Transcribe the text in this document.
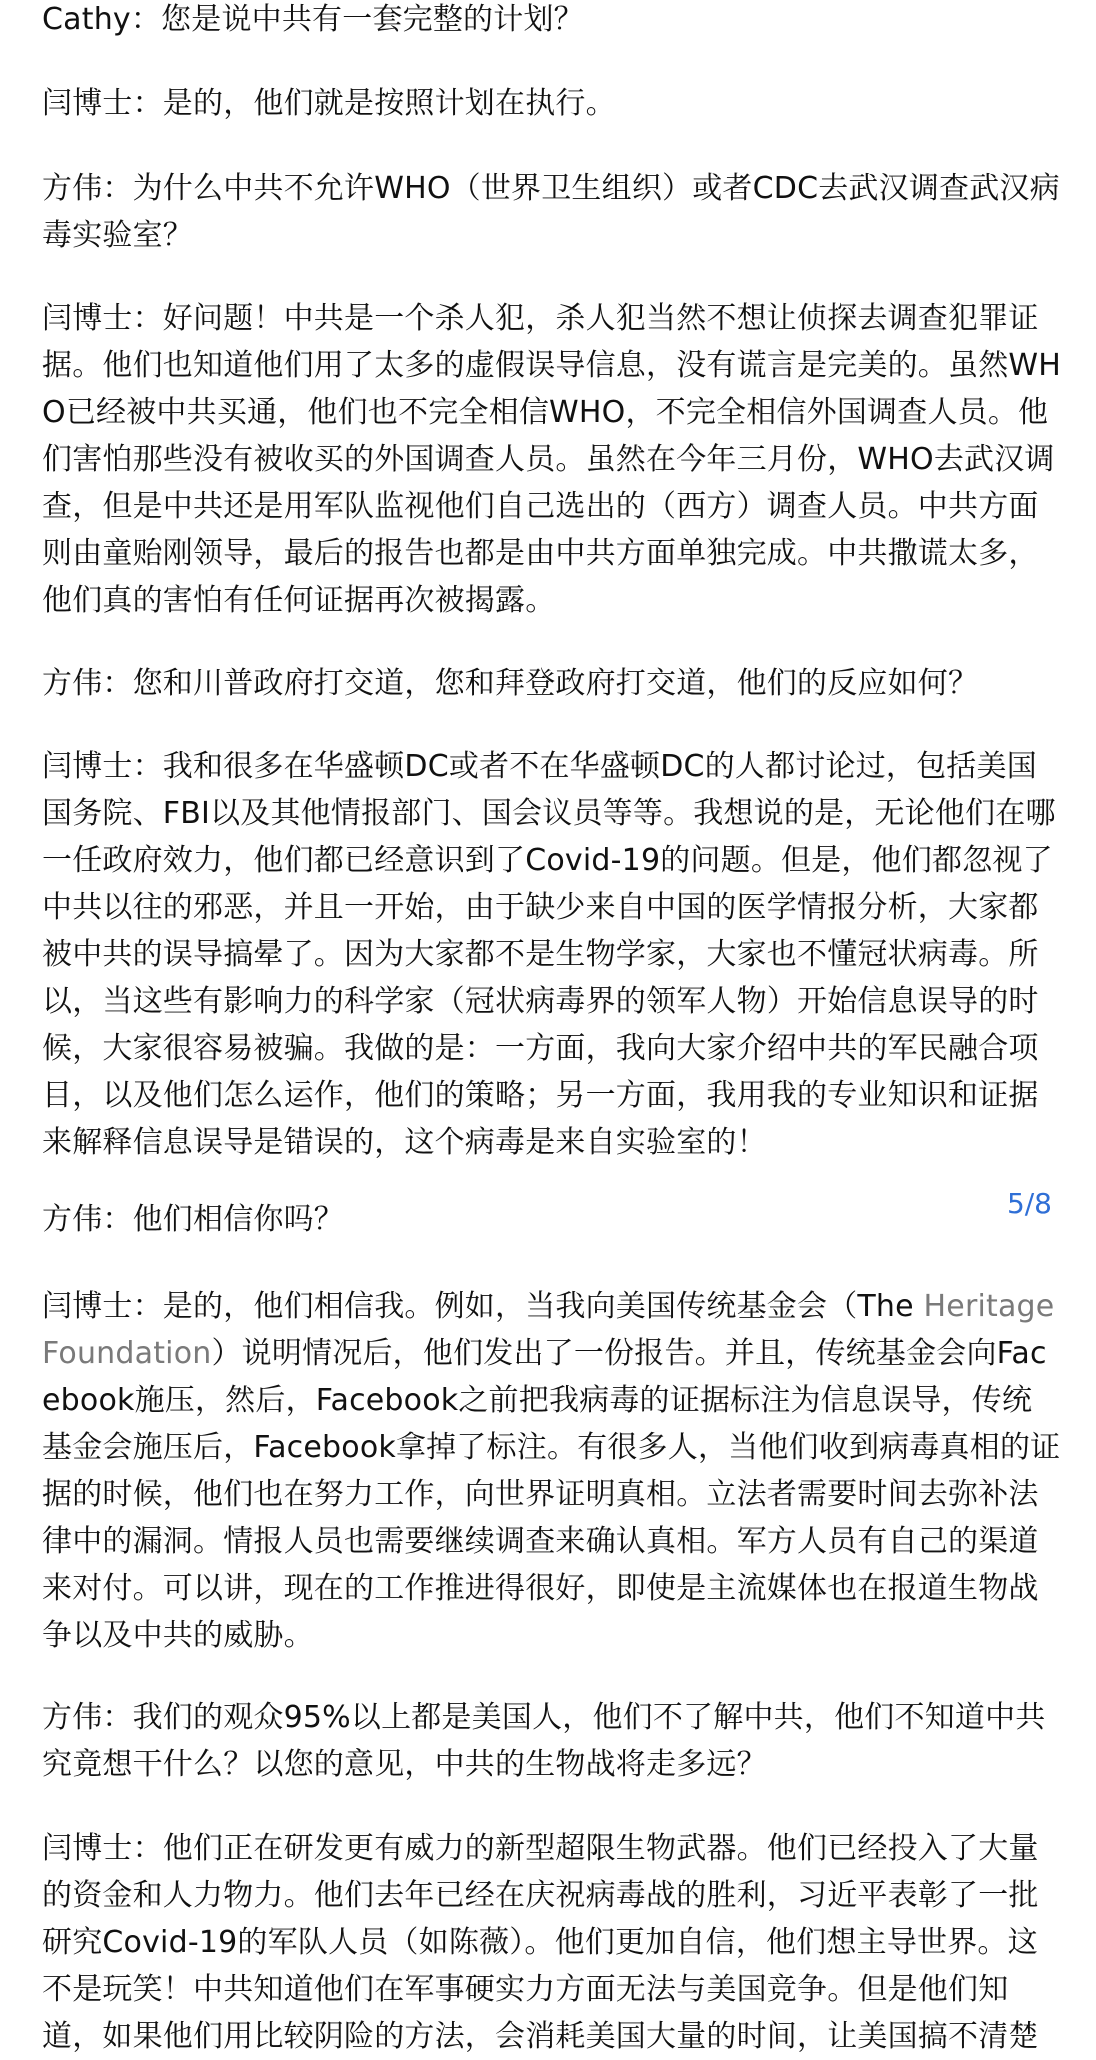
Cathy：您是说中共有一套完整的计划？
闫博士：是的，他们就是按照计划在执行。
方伟：为什么中共不允许WHO（世界卫生组织）或者CDC去武汉调查武汉病毒实验室？
闫博士：好问题！中共是一个杀人犯，杀人犯当然不想让侦探去调查犯罪证据。他们也知道他们用了太多的虚假误导信息，没有谎言是完美的。虽然WHO已经被中共买通，他们也不完全相信WHO，不完全相信外国调查人员。他们害怕那些没有被收买的外国调查人员。虽然在今年三月份，WHO去武汉调查，但是中共还是用军队监视他们自己选出的（西方）调查人员。中共方面则由童贻刚领导，最后的报告也都是由中共方面单独完成。中共撒谎太多，他们真的害怕有任何证据再次被揭露。
方伟：您和川普政府打交道，您和拜登政府打交道，他们的反应如何？
闫博士：我和很多在华盛顿DC或者不在华盛顿DC的人都讨论过，包括美国国务院、FBI以及其他情报部门、国会议员等等。我想说的是，无论他们在哪一任政府效力，他们都已经意识到了Covid-19的问题。但是，他们都忽视了中共以往的邪恶，并且一开始，由于缺少来自中国的医学情报分析，大家都被中共的误导搞晕了。因为大家都不是生物学家，大家也不懂冠状病毒。所以，当这些有影响力的科学家（冠状病毒界的领军人物）开始信息误导的时候，大家很容易被骗。我做的是：一方面，我向大家介绍中共的军民融合项目，以及他们怎么运作，他们的策略；另一方面，我用我的专业知识和证据来解释信息误导是错误的，这个病毒是来自实验室的！
方伟：他们相信你吗？	5/8
闫博士：是的，他们相信我。例如，当我向美国传统基金会（The Heritage Foundation）说明情况后，他们发出了一份报告。并且，传统基金会向Facebook施压，然后，Facebook之前把我病毒的证据标注为信息误导，传统基金会施压后，Facebook拿掉了标注。有很多人，当他们收到病毒真相的证据的时候，他们也在努力工作，向世界证明真相。立法者需要时间去弥补法律中的漏洞。情报人员也需要继续调查来确认真相。军方人员有自己的渠道来对付。可以讲，现在的工作推进得很好，即使是主流媒体也在报道生物战争以及中共的威胁。
方伟：我们的观众95%以上都是美国人，他们不了解中共，他们不知道中共究竟想干什么？以您的意见，中共的生物战将走多远？
闫博士：他们正在研发更有威力的新型超限生物武器。他们已经投入了大量的资金和人力物力。他们去年已经在庆祝病毒战的胜利，习近平表彰了一批研究Covid-19的军队人员（如陈薇）。他们更加自信，他们想主导世界。这不是玩笑！中共知道他们在军事硬实力方面无法与美国竞争。但是他们知道，如果他们用比较阴险的方法，会消耗美国大量的时间，让美国搞不清楚
